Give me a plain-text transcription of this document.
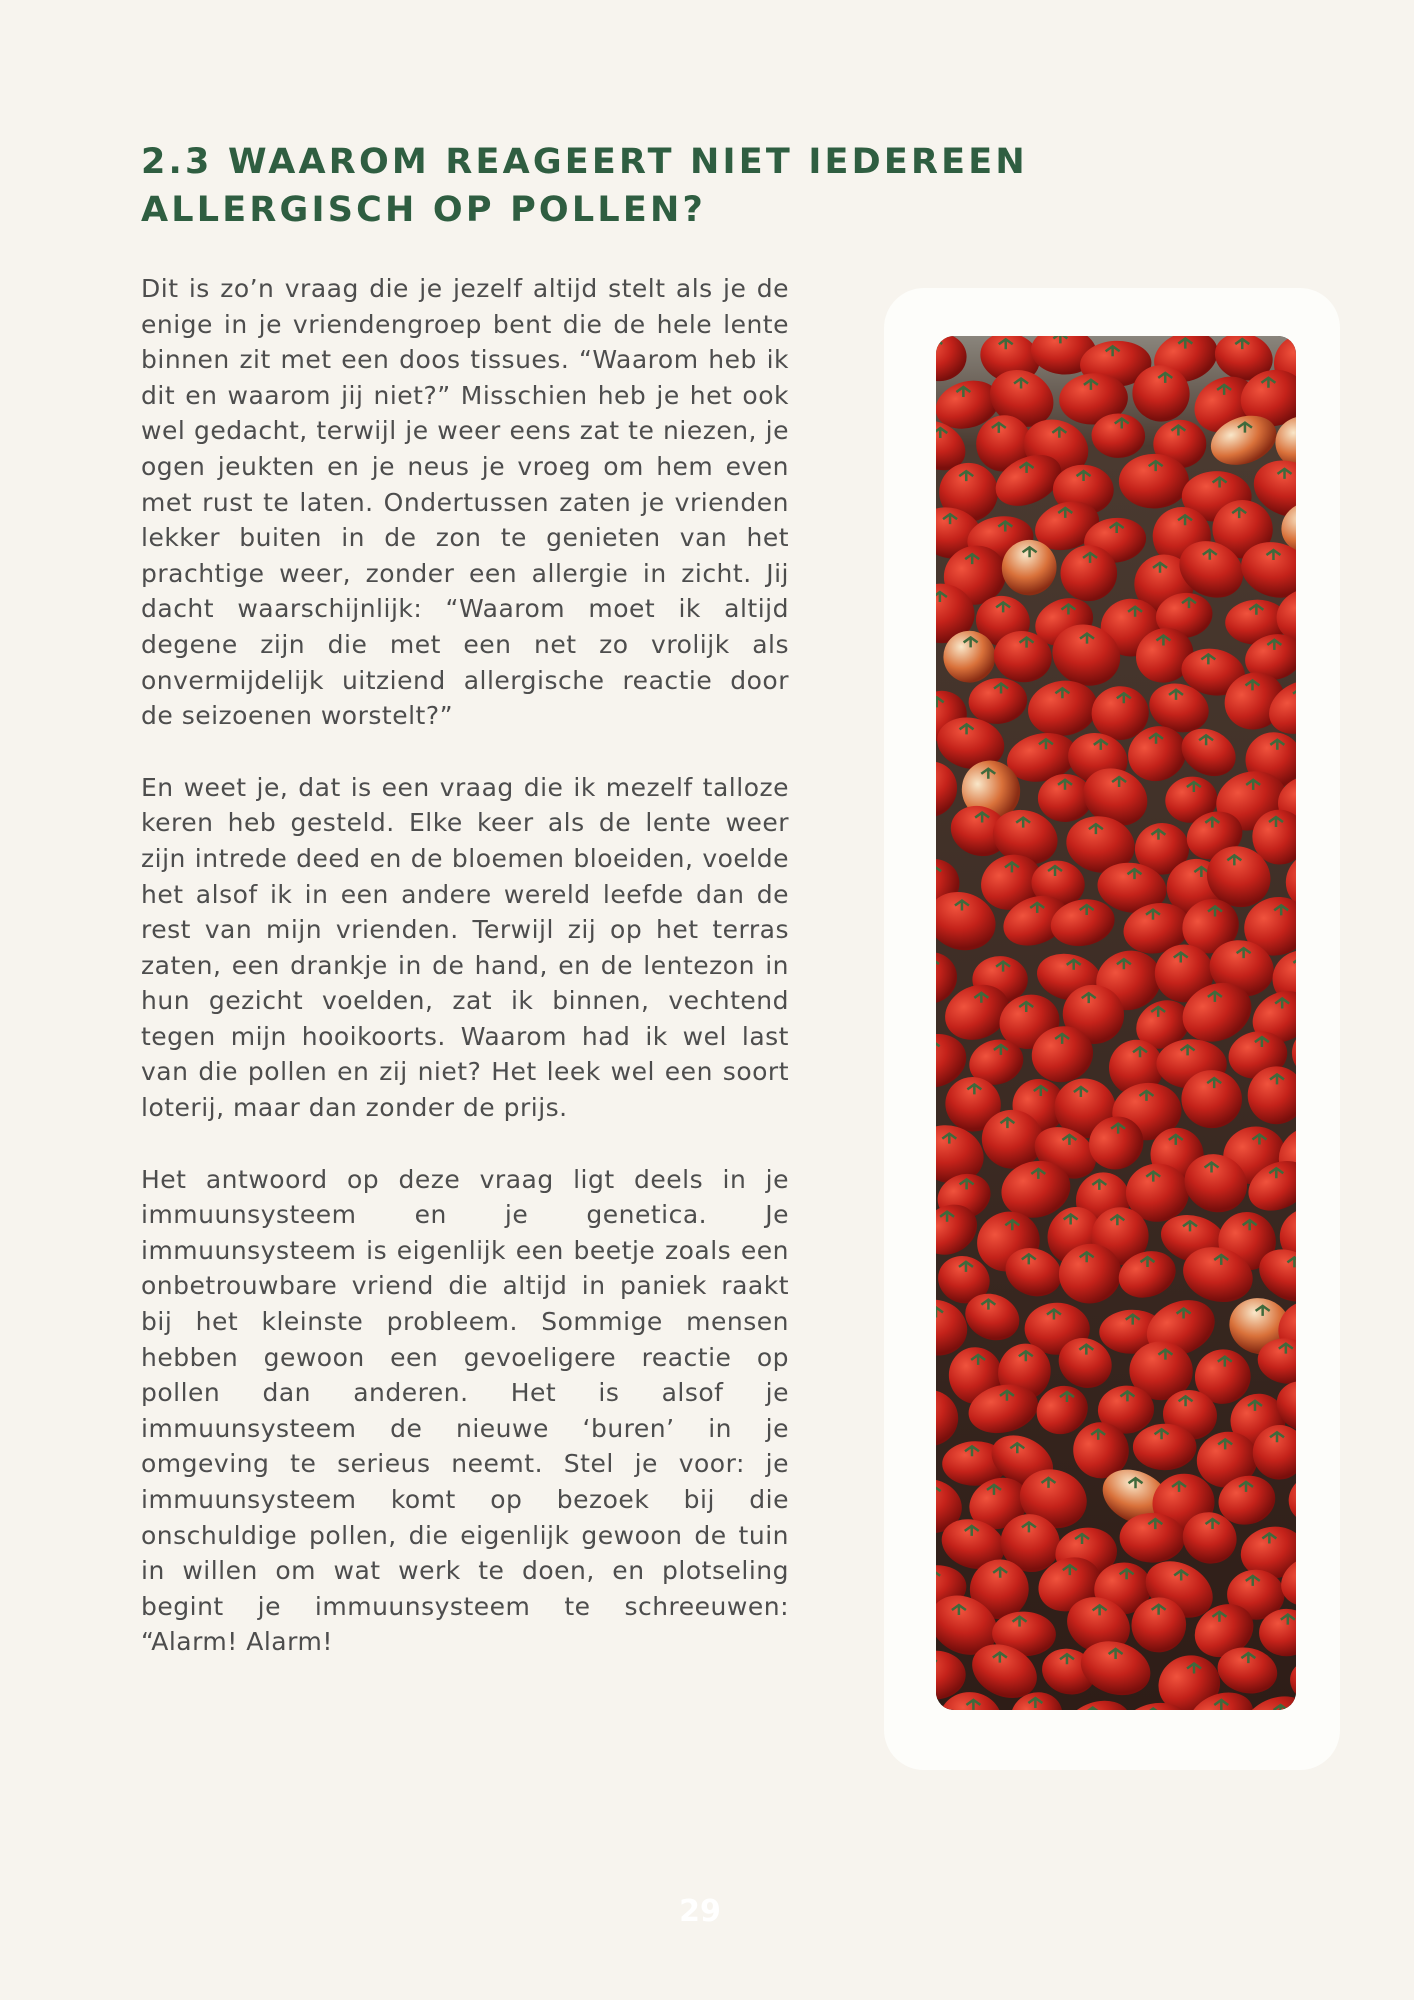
2.3 WAAROM REAGEERT NIET IEDEREEN ALLERGISCH OP POLLEN?

Dit is zo’n vraag die je jezelf altijd stelt als je de enige in je vriendengroep bent die de hele lente binnen zit met een doos tissues. “Waarom heb ik dit en waarom jij niet?” Misschien heb je het ook wel gedacht, terwijl je weer eens zat te niezen, je ogen jeukten en je neus je vroeg om hem even met rust te laten. Ondertussen zaten je vrienden lekker buiten in de zon te genieten van het prachtige weer, zonder een allergie in zicht. Jij dacht waarschijnlijk: “Waarom moet ik altijd degene zijn die met een net zo vrolijk als onvermijdelijk uitziend allergische reactie door de seizoenen worstelt?”

En weet je, dat is een vraag die ik mezelf talloze keren heb gesteld. Elke keer als de lente weer zijn intrede deed en de bloemen bloeiden, voelde het alsof ik in een andere wereld leefde dan de rest van mijn vrienden. Terwijl zij op het terras zaten, een drankje in de hand, en de lentezon in hun gezicht voelden, zat ik binnen, vechtend tegen mijn hooikoorts. Waarom had ik wel last van die pollen en zij niet? Het leek wel een soort loterij, maar dan zonder de prijs.

Het antwoord op deze vraag ligt deels in je immuunsysteem en je genetica. Je immuunsysteem is eigenlijk een beetje zoals een onbetrouwbare vriend die altijd in paniek raakt bij het kleinste probleem. Sommige mensen hebben gewoon een gevoeligere reactie op pollen dan anderen. Het is alsof je immuunsysteem de nieuwe ‘buren’ in je omgeving te serieus neemt. Stel je voor: je immuunsysteem komt op bezoek bij die onschuldige pollen, die eigenlijk gewoon de tuin in willen om wat werk te doen, en plotseling begint je immuunsysteem te schreeuwen: “Alarm! Alarm!

29
